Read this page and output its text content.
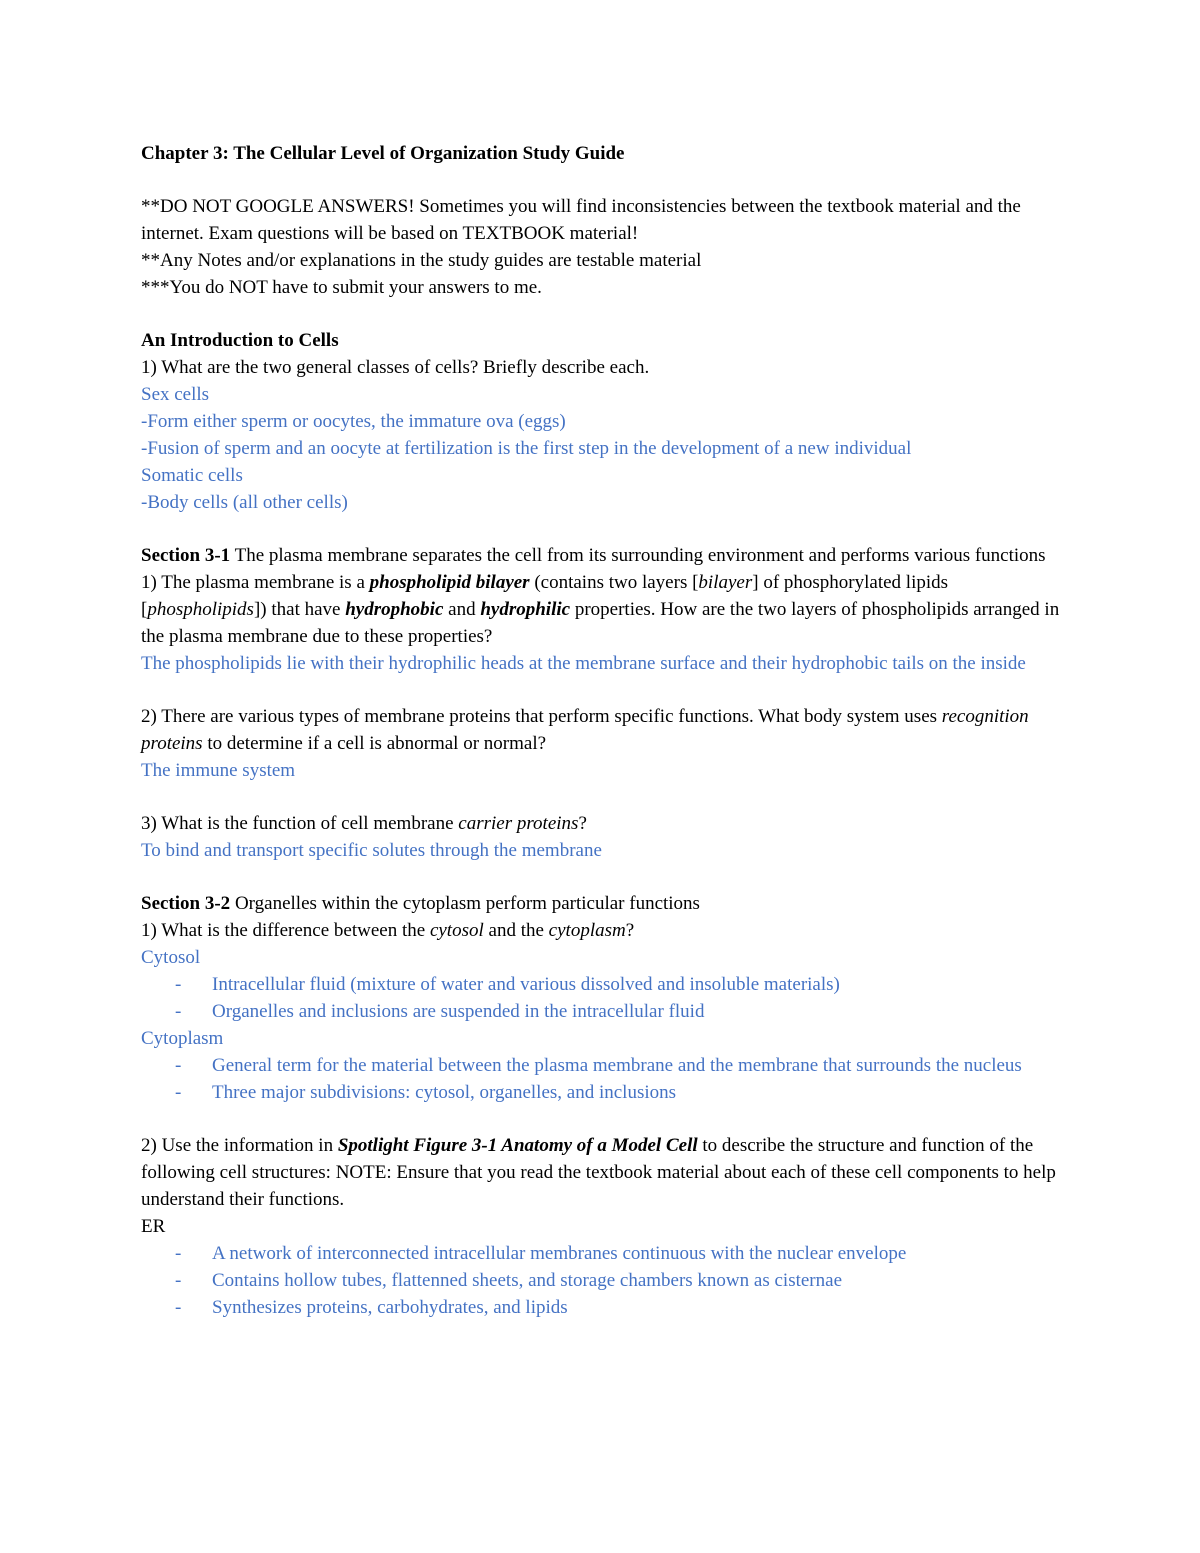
Chapter 3: The Cellular Level of Organization Study Guide

**DO NOT GOOGLE ANSWERS! Sometimes you will find inconsistencies between the textbook material and the internet. Exam questions will be based on TEXTBOOK material!

**Any Notes and/or explanations in the study guides are testable material

***You do NOT have to submit your answers to me.

An Introduction to Cells

1) What are the two general classes of cells? Briefly describe each.

Sex cells

-Form either sperm or oocytes, the immature ova (eggs)

-Fusion of sperm and an oocyte at fertilization is the first step in the development of a new individual

Somatic cells

-Body cells (all other cells)

Section 3-1 The plasma membrane separates the cell from its surrounding environment and performs various functions

1) The plasma membrane is a phospholipid bilayer (contains two layers [bilayer] of phosphorylated lipids [phospholipids]) that have hydrophobic and hydrophilic properties. How are the two layers of phospholipids arranged in the plasma membrane due to these properties?

The phospholipids lie with their hydrophilic heads at the membrane surface and their hydrophobic tails on the inside

2) There are various types of membrane proteins that perform specific functions. What body system uses recognition proteins to determine if a cell is abnormal or normal?

The immune system

3) What is the function of cell membrane carrier proteins?

To bind and transport specific solutes through the membrane

Section 3-2 Organelles within the cytoplasm perform particular functions

1) What is the difference between the cytosol and the cytoplasm?

Cytosol

- Intracellular fluid (mixture of water and various dissolved and insoluble materials)
- Organelles and inclusions are suspended in the intracellular fluid

Cytoplasm

- General term for the material between the plasma membrane and the membrane that surrounds the nucleus
- Three major subdivisions: cytosol, organelles, and inclusions

2) Use the information in Spotlight Figure 3-1 Anatomy of a Model Cell to describe the structure and function of the following cell structures: NOTE: Ensure that you read the textbook material about each of these cell components to help understand their functions.

ER

- A network of interconnected intracellular membranes continuous with the nuclear envelope
- Contains hollow tubes, flattenned sheets, and storage chambers known as cisternae
- Synthesizes proteins, carbohydrates, and lipids
